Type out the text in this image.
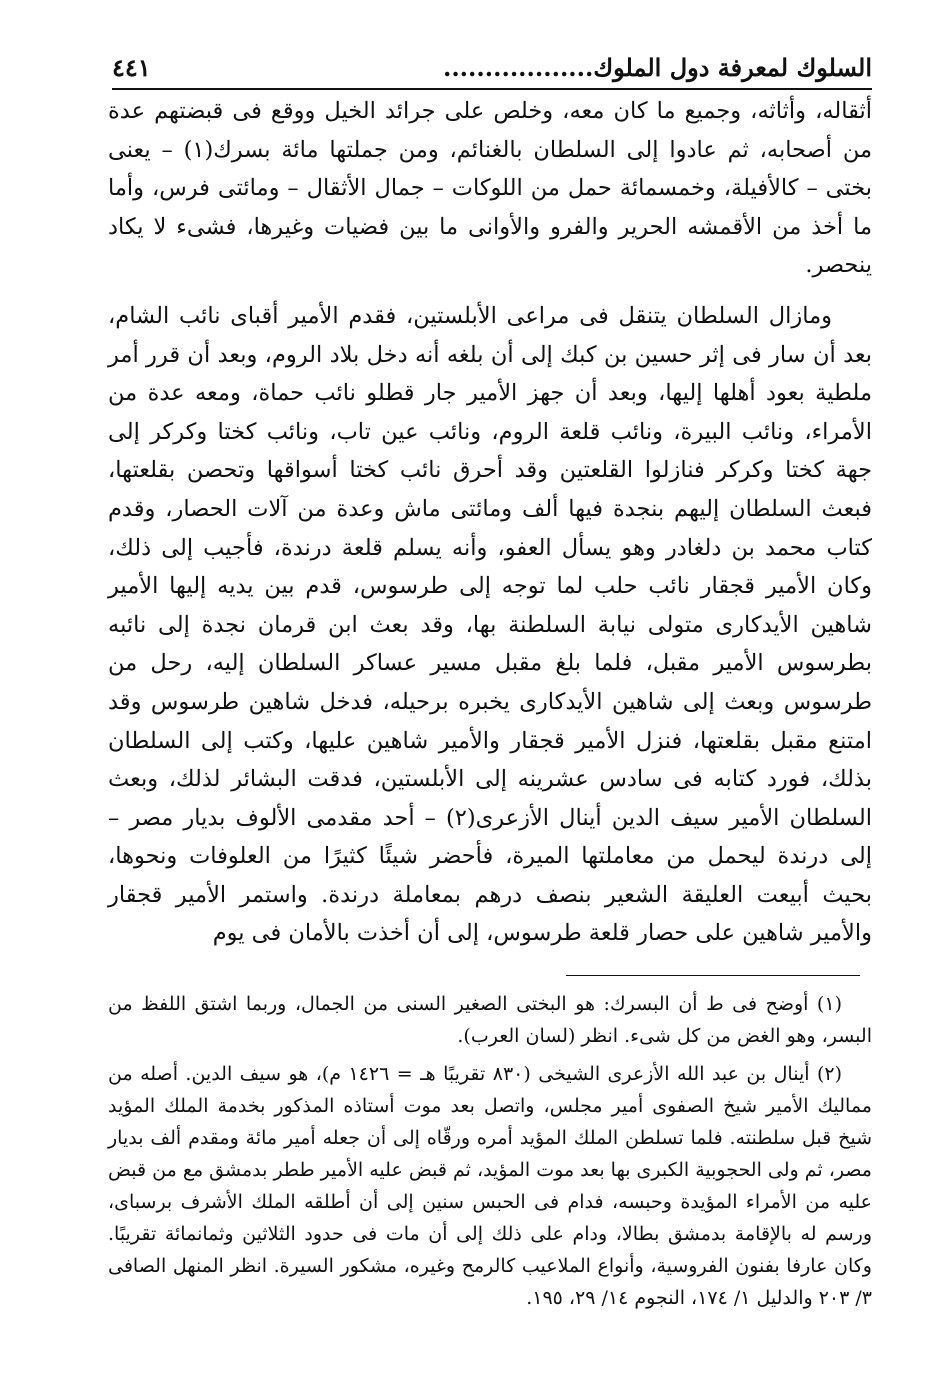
السلوك لمعرفة دول الملوك..................
٤٤١

أثقاله، وأثاثه، وجميع ما كان معه، وخلص على جرائد الخيل ووقع فى قبضتهم عدة من أصحابه، ثم عادوا إلى السلطان بالغنائم، ومن جملتها مائة بسرك(١) – يعنى بختى – كالأفيلة، وخمسمائة حمل من اللوكات – جمال الأثقال – ومائتى فرس، وأما ما أخذ من الأقمشه الحرير والفرو والأوانى ما بين فضيات وغيرها، فشىء لا يكاد ينحصر.

ومازال السلطان يتنقل فى مراعى الأبلستين، فقدم الأمير أقباى نائب الشام، بعد أن سار فى إثر حسين بن كبك إلى أن بلغه أنه دخل بلاد الروم، وبعد أن قرر أمر ملطية بعود أهلها إليها، وبعد أن جهز الأمير جار قطلو نائب حماة، ومعه عدة من الأمراء، ونائب البيرة، ونائب قلعة الروم، ونائب عين تاب، ونائب كختا وكركر إلى جهة كختا وكركر فنازلوا القلعتين وقد أحرق نائب كختا أسواقها وتحصن بقلعتها، فبعث السلطان إليهم بنجدة فيها ألف ومائتى ماش وعدة من آلات الحصار، وقدم كتاب محمد بن دلغادر وهو يسأل العفو، وأنه يسلم قلعة درندة، فأجيب إلى ذلك، وكان الأمير قجقار نائب حلب لما توجه إلى طرسوس، قدم بين يديه إليها الأمير شاهين الأيدكارى متولى نيابة السلطنة بها، وقد بعث ابن قرمان نجدة إلى نائبه بطرسوس الأمير مقبل، فلما بلغ مقبل مسير عساكر السلطان إليه، رحل من طرسوس وبعث إلى شاهين الأيدكارى يخبره برحيله، فدخل شاهين طرسوس وقد امتنع مقبل بقلعتها، فنزل الأمير قجقار والأمير شاهين عليها، وكتب إلى السلطان بذلك، فورد كتابه فى سادس عشرينه إلى الأبلستين، فدقت البشائر لذلك، وبعث السلطان الأمير سيف الدين أينال الأزعرى(٢) – أحد مقدمى الألوف بديار مصر – إلى درندة ليحمل من معاملتها الميرة، فأحضر شيئًا كثيرًا من العلوفات ونحوها، بحيث أبيعت العليقة الشعير بنصف درهم بمعاملة درندة. واستمر الأمير قجقار والأمير شاهين على حصار قلعة طرسوس، إلى أن أخذت بالأمان فى يوم

(١) أوضح فى ط أن البسرك: هو البختى الصغير السنى من الجمال، وربما اشتق اللفظ من البسر، وهو الغض من كل شىء. انظر (لسان العرب).

(٢) أينال بن عبد الله الأزعرى الشيخى (٨٣٠ تقريبًا هـ = ١٤٢٦ م)، هو سيف الدين. أصله من مماليك الأمير شيخ الصفوى أمير مجلس، واتصل بعد موت أستاذه المذكور بخدمة الملك المؤيد شيخ قبل سلطنته. فلما تسلطن الملك المؤيد أمره ورقّاه إلى أن جعله أمير مائة ومقدم ألف بديار مصر، ثم ولى الحجوبية الكبرى بها بعد موت المؤيد، ثم قبض عليه الأمير ططر بدمشق مع من قبض عليه من الأمراء المؤيدة وحبسه، فدام فى الحبس سنين إلى أن أطلقه الملك الأشرف برسباى، ورسم له بالإقامة بدمشق بطالا، ودام على ذلك إلى أن مات فى حدود الثلاثين وثمانمائة تقريبًا. وكان عارفا بفنون الفروسية، وأنواع الملاعيب كالرمح وغيره، مشكور السيرة. انظر المنهل الصافى ٣/ ٢٠٣ والدليل ١/ ١٧٤، النجوم ١٤/ ٢٩، ١٩٥.
